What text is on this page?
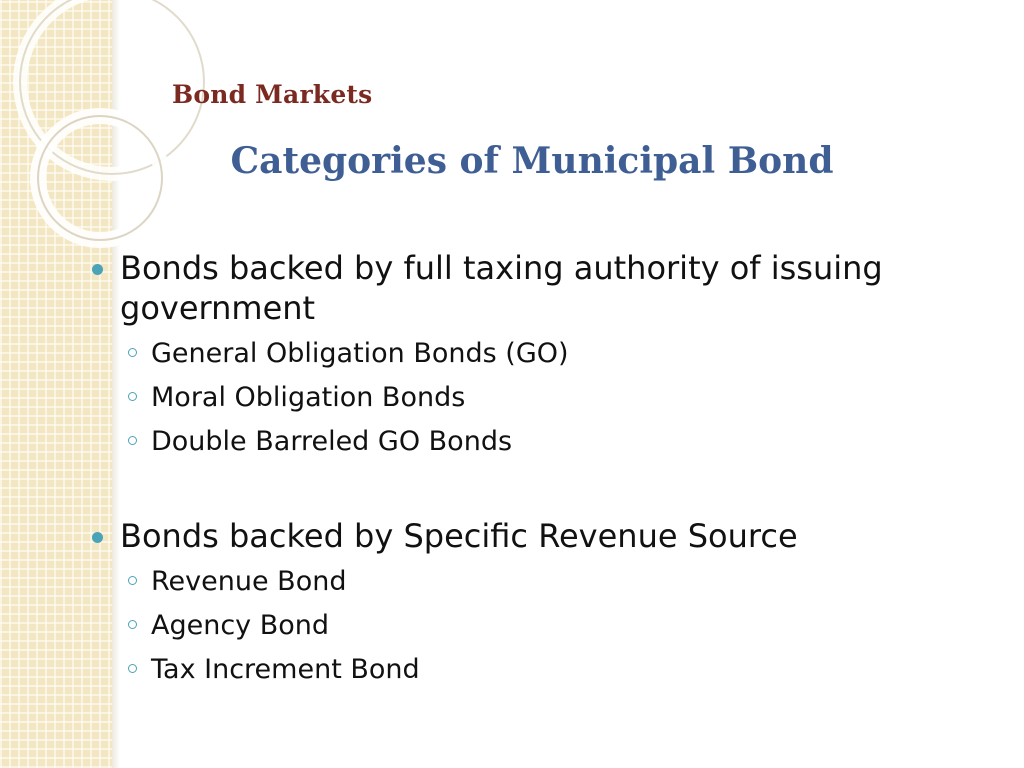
Bond Markets
Categories of Municipal Bond
Bonds backed by full taxing authority of issuing government
General Obligation Bonds (GO)
Moral Obligation Bonds
Double Barreled GO Bonds
Bonds backed by Specific Revenue Source
Revenue Bond
Agency Bond
Tax Increment Bond
